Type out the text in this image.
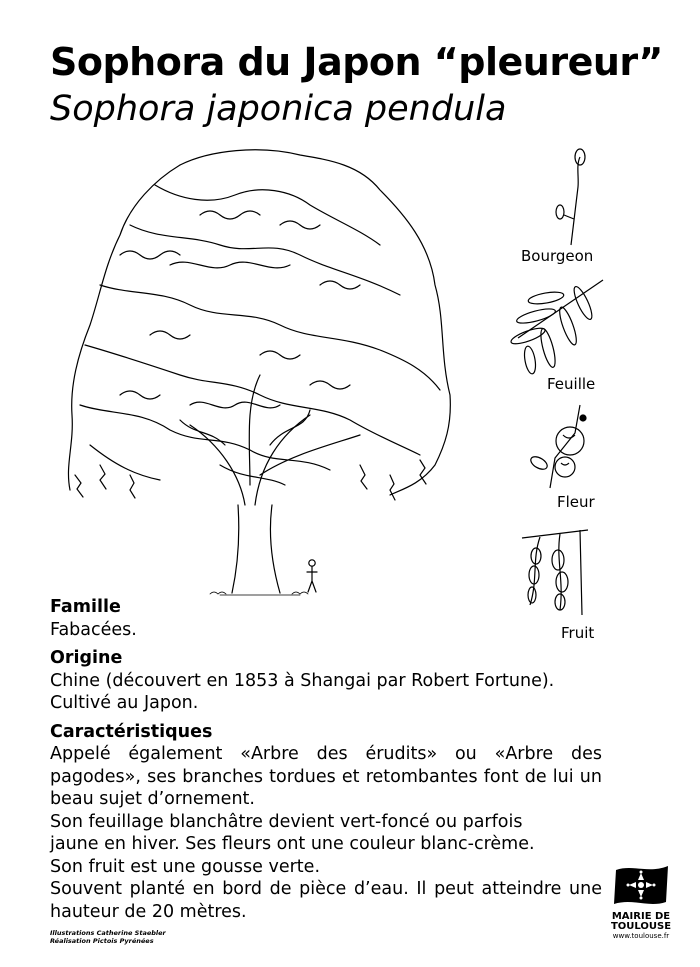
Sophora du Japon “pleureur”
Sophora japonica pendula
Bourgeon
Feuille
Fleur
Fruit
Famille
Fabacées.
Origine
Chine (découvert en 1853 à Shangai par Robert Fortune).
Cultivé au Japon.
Caractéristiques
Appelé également «Arbre des érudits» ou «Arbre des pagodes», ses branches tordues et retombantes font de lui un beau sujet d’ornement.
Son feuillage blanchâtre devient vert-foncé ou parfois
jaune en hiver. Ses fleurs ont une couleur blanc-crème.
Son fruit est une gousse verte.
Souvent planté en bord de pièce d’eau. Il peut atteindre une hauteur de 20 mètres.
Illustrations Catherine Staebler
Réalisation Pictois Pyrénées
MAIRIE DE
TOULOUSE
www.toulouse.fr
